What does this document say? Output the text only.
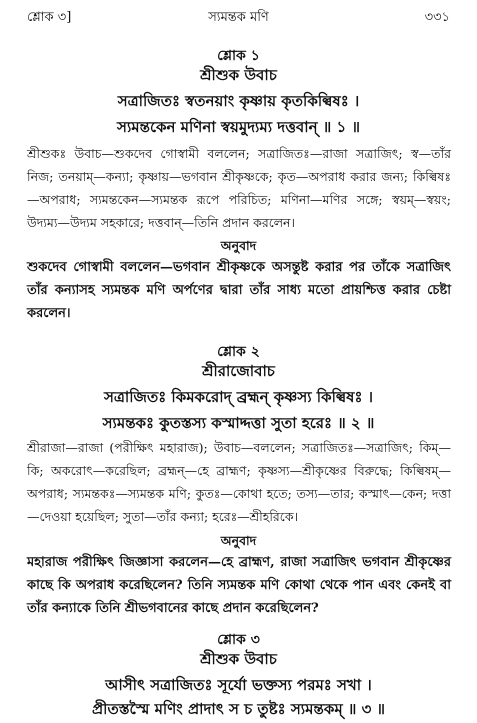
শ্লোক ৩]	স্যমন্তক মণি	৩৩১
শ্লোক ১
শ্রীশুক উবাচ
সত্রাজিতঃ স্বতনয়াং কৃষ্ণায় কৃতকিল্বিষঃ ।
স্যমন্তকেন মণিনা স্বয়মুদ্যম্য দত্তবান্ ॥ ১ ॥
শ্রীশুকঃ উবাচ—শুকদেব গোস্বামী বললেন; সত্রাজিতঃ—রাজা সত্রাজিৎ; স্ব—তাঁর নিজ; তনয়াম্—কন্যা; কৃষ্ণায়—ভগবান শ্রীকৃষ্ণকে; কৃত—অপরাধ করার জন্য; কিল্বিষঃ—অপরাধ; স্যমন্তকেন—স্যমন্তক রূপে পরিচিত; মণিনা—মণির সঙ্গে; স্বয়ম্—স্বয়ং; উদ্যম্য—উদ্যম সহকারে; দত্তবান্—তিনি প্রদান করলেন।
অনুবাদ
শুকদেব গোস্বামী বললেন—ভগবান শ্রীকৃষ্ণকে অসন্তুষ্ট করার পর তাঁকে সত্রাজিৎ তাঁর কন্যাসহ স্যমন্তক মণি অর্পণের দ্বারা তাঁর সাধ্য মতো প্রায়শ্চিত্ত করার চেষ্টা করলেন।
শ্লোক ২
শ্রীরাজোবাচ
সত্রাজিতঃ কিমকরোদ্ ব্রহ্মন্ কৃষ্ণস্য কিল্বিষঃ ।
স্যমন্তকঃ কুতস্তস্য কস্মাদ্দত্তা সুতা হরেঃ ॥ ২ ॥
শ্রীরাজা—রাজা (পরীক্ষিৎ মহারাজ); উবাচ—বললেন; সত্রাজিতঃ—সত্রাজিৎ; কিম্—কি; অকরোৎ—করেছিল; ব্রহ্মন্—হে ব্রাহ্মণ; কৃষ্ণস্য—শ্রীকৃষ্ণের বিরুদ্ধে; কিল্বিষম্—অপরাধ; স্যমন্তকঃ—স্যমন্তক মণি; কুতঃ—কোথা হতে; তস্য—তার; কস্মাৎ—কেন; দত্তা—দেওয়া হয়েছিল; সুতা—তাঁর কন্যা; হরেঃ—শ্রীহরিকে।
অনুবাদ
মহারাজ পরীক্ষিৎ জিজ্ঞাসা করলেন—হে ব্রাহ্মণ, রাজা সত্রাজিৎ ভগবান শ্রীকৃষ্ণের কাছে কি অপরাধ করেছিলেন? তিনি স্যমন্তক মণি কোথা থেকে পান এবং কেনই বা তাঁর কন্যাকে তিনি শ্রীভগবানের কাছে প্রদান করেছিলেন?
শ্লোক ৩
শ্রীশুক উবাচ
আসীৎ সত্রাজিতঃ সূর্যো ভক্তস্য পরমঃ সখা ।
প্রীতস্তস্মৈ মণিং প্রাদাৎ স চ তুষ্টঃ স্যমন্তকম্ ॥ ৩ ॥
